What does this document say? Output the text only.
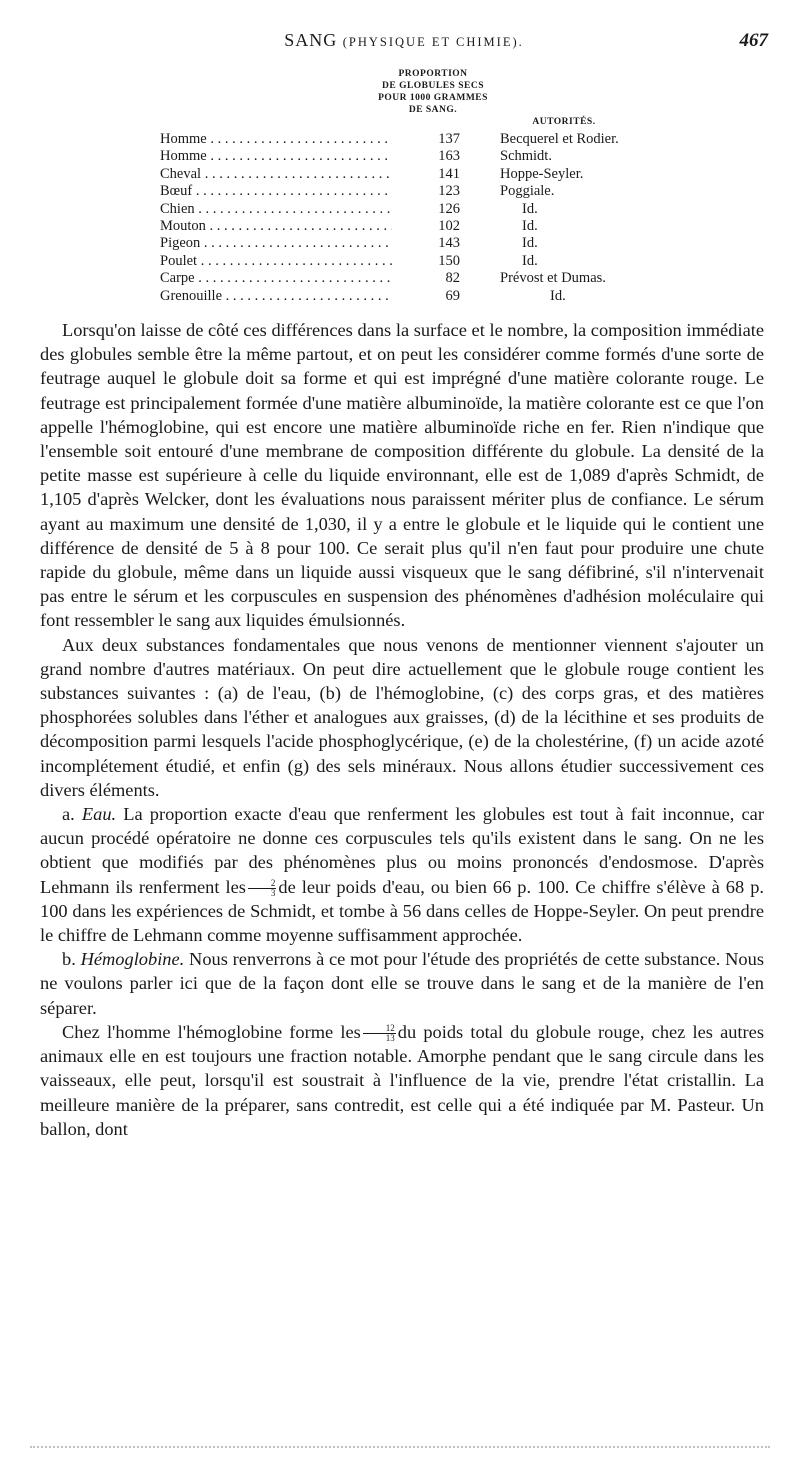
SANG (PHYSIQUE ET CHIMIE).	467
PROPORTION
DE GLOBULES SECS
POUR 1000 GRAMMES
DE SANG.
AUTORITÉS.
Homme . . .	137	Becquerel et Rodier.
Homme . . .	163	Schmidt.
Cheval . . .	141	Hoppe-Seyler.
Bœuf . . .	123	Poggiale.
Chien . . .	126	Id.
Mouton . . .	102	Id.
Pigeon . . .	143	Id.
Poulet . . .	150	Id.
Carpe . . .	82	Prévost et Dumas.
Grenouille . . .	69	Id.

Lorsqu'on laisse de côté ces différences dans la surface et le nombre, la composition immédiate des globules semble être la même partout, et on peut les considérer comme formés d'une sorte de feutrage auquel le globule doit sa forme et qui est imprégné d'une matière colorante rouge. Le feutrage est principalement formée d'une matière albuminoïde, la matière colorante est ce que l'on appelle l'hémoglobine, qui est encore une matière albuminoïde riche en fer. Rien n'indique que l'ensemble soit entouré d'une membrane de composition différente du globule. La densité de la petite masse est supérieure à celle du liquide environnant, elle est de 1,089 d'après Schmidt, de 1,105 d'après Welcker, dont les évaluations nous paraissent mériter plus de confiance. Le sérum ayant au maximum une densité de 1,030, il y a entre le globule et le liquide qui le contient une différence de densité de 5 à 8 pour 100. Ce serait plus qu'il n'en faut pour produire une chute rapide du globule, même dans un liquide aussi visqueux que le sang défibriné, s'il n'intervenait pas entre le sérum et les corpuscules en suspension des phénomènes d'adhésion moléculaire qui font ressembler le sang aux liquides émulsionnés.

Aux deux substances fondamentales que nous venons de mentionner viennent s'ajouter un grand nombre d'autres matériaux. On peut dire actuellement que le globule rouge contient les substances suivantes : (a) de l'eau, (b) de l'hémoglobine, (c) des corps gras, et des matières phosphorées solubles dans l'éther et analogues aux graisses, (d) de la lécithine et ses produits de décomposition parmi lesquels l'acide phosphoglycérique, (e) de la cholestérine, (f) un acide azoté incomplétement étudié, et enfin (g) des sels minéraux. Nous allons étudier successivement ces divers éléments.

a. Eau. La proportion exacte d'eau que renferment les globules est tout à fait inconnue, car aucun procédé opératoire ne donne ces corpuscules tels qu'ils existent dans le sang. On ne les obtient que modifiés par des phénomènes plus ou moins prononcés d'endosmose. D'après Lehmann ils renferment les $\frac{2}{3}$ de leur poids d'eau, ou bien 66 p. 100. Ce chiffre s'élève à 68 p. 100 dans les expériences de Schmidt, et tombe à 56 dans celles de Hoppe-Seyler. On peut prendre le chiffre de Lehmann comme moyenne suffisamment approchée.

b. Hémoglobine. Nous renverrons à ce mot pour l'étude des propriétés de cette substance. Nous ne voulons parler ici que de la façon dont elle se trouve dans le sang et de la manière de l'en séparer.

Chez l'homme l'hémoglobine forme les $\frac{12}{13}$ du poids total du globule rouge, chez les autres animaux elle en est toujours une fraction notable. Amorphe pendant que le sang circule dans les vaisseaux, elle peut, lorsqu'il est soustrait à l'influence de la vie, prendre l'état cristallin. La meilleure manière de la préparer, sans contredit, est celle qui a été indiquée par M. Pasteur. Un ballon, dont
